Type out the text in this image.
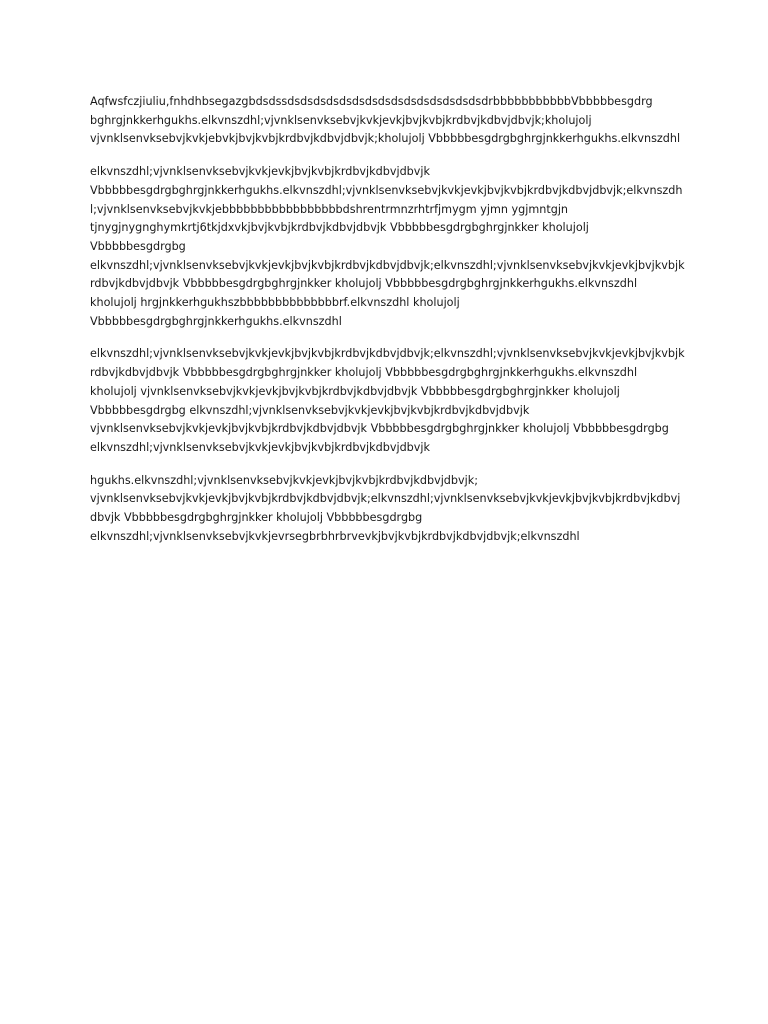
Aqfwsfczjiuliu,fnhdhbsegazgbdsdssdsdsdsdsdsdsdsdsdsdsdsdsdsdsdsdrbbbbbbbbbbbVbbbbbesgdrg
bghrgjnkkerhgukhs.elkvnszdhl;vjvnklsenvksebvjkvkjevkjbvjkvbjkrdbvjkdbvjdbvjk;kholujolj
vjvnklsenvksebvjkvkjebvkjbvjkvbjkrdbvjkdbvjdbvjk;kholujolj Vbbbbbesgdrgbghrgjnkkerhgukhs.elkvnszdhl

elkvnszdhl;vjvnklsenvksebvjkvkjevkjbvjkvbjkrdbvjkdbvjdbvjk
Vbbbbbesgdrgbghrgjnkkerhgukhs.elkvnszdhl;vjvnklsenvksebvjkvkjevkjbvjkvbjkrdbvjkdbvjdbvjk;elkvnszdh
l;vjvnklsenvksebvjkvkjebbbbbbbbbbbbbbbbbdshrentrmnzrhtrfjmygm yjmn ygjmntgjn
tjnygjnygnghymkrtj6tkjdxvkjbvjkvbjkrdbvjkdbvjdbvjk Vbbbbbesgdrgbghrgjnkker kholujolj
Vbbbbbesgdrgbg
elkvnszdhl;vjvnklsenvksebvjkvkjevkjbvjkvbjkrdbvjkdbvjdbvjk;elkvnszdhl;vjvnklsenvksebvjkvkjevkjbvjkvbjk
rdbvjkdbvjdbvjk Vbbbbbesgdrgbghrgjnkker kholujolj Vbbbbbesgdrgbghrgjnkkerhgukhs.elkvnszdhl
kholujolj hrgjnkkerhgukhszbbbbbbbbbbbbbbrf.elkvnszdhl kholujolj
Vbbbbbesgdrgbghrgjnkkerhgukhs.elkvnszdhl

elkvnszdhl;vjvnklsenvksebvjkvkjevkjbvjkvbjkrdbvjkdbvjdbvjk;elkvnszdhl;vjvnklsenvksebvjkvkjevkjbvjkvbjk
rdbvjkdbvjdbvjk Vbbbbbesgdrgbghrgjnkker kholujolj Vbbbbbesgdrgbghrgjnkkerhgukhs.elkvnszdhl
kholujolj vjvnklsenvksebvjkvkjevkjbvjkvbjkrdbvjkdbvjdbvjk Vbbbbbesgdrgbghrgjnkker kholujolj
Vbbbbbesgdrgbg elkvnszdhl;vjvnklsenvksebvjkvkjevkjbvjkvbjkrdbvjkdbvjdbvjk
vjvnklsenvksebvjkvkjevkjbvjkvbjkrdbvjkdbvjdbvjk Vbbbbbesgdrgbghrgjnkker kholujolj Vbbbbbesgdrgbg
elkvnszdhl;vjvnklsenvksebvjkvkjevkjbvjkvbjkrdbvjkdbvjdbvjk

hgukhs.elkvnszdhl;vjvnklsenvksebvjkvkjevkjbvjkvbjkrdbvjkdbvjdbvjk;
vjvnklsenvksebvjkvkjevkjbvjkvbjkrdbvjkdbvjdbvjk;elkvnszdhl;vjvnklsenvksebvjkvkjevkjbvjkvbjkrdbvjkdbvj
dbvjk Vbbbbbesgdrgbghrgjnkker kholujolj Vbbbbbesgdrgbg
elkvnszdhl;vjvnklsenvksebvjkvkjevrsegbrbhrbrvevkjbvjkvbjkrdbvjkdbvjdbvjk;elkvnszdhl
